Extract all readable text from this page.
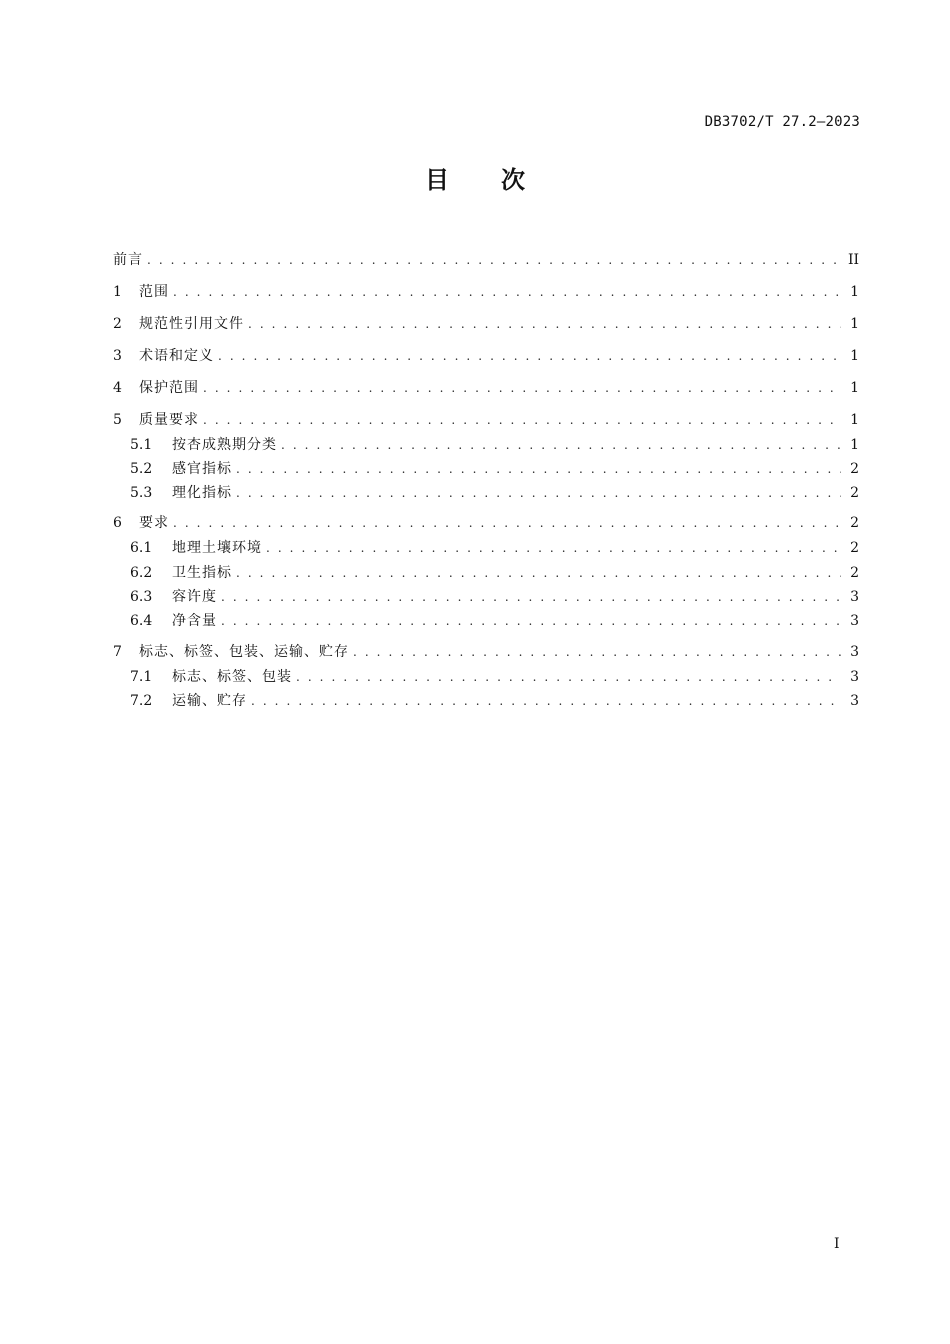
DB3702/T 27.2—2023
目次
前言 . . .	II
1	范围 . . .	1
2	规范性引用文件 . . .	1
3	术语和定义 . . .	1
4	保护范围 . . .	1
5	质量要求 . . .	1
5.1	按杏成熟期分类 . . .	1
5.2	感官指标 . . .	2
5.3	理化指标 . . .	2
6	要求 . . .	2
6.1	地理土壤环境 . . .	2
6.2	卫生指标 . . .	2
6.3	容许度 . . .	3
6.4	净含量 . . .	3
7	标志、标签、包装、运输、贮存 . . .	3
7.1	标志、标签、包装 . . .	3
7.2	运输、贮存 . . .	3
I
